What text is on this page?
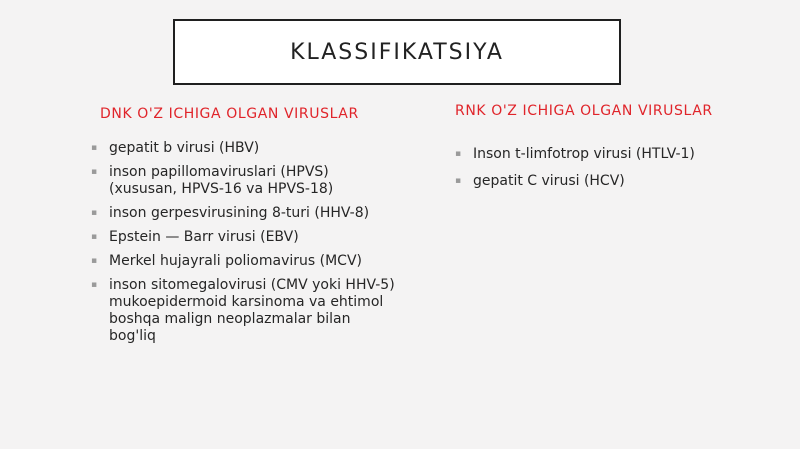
KLASSIFIKATSIYA
DNK O'Z ICHIGA OLGAN VIRUSLAR	RNK O'Z ICHIGA OLGAN VIRUSLAR
▪ gepatit b virusi (HBV)
▪ inson papillomaviruslari (HPVS) (xususan, HPVS-16 va HPVS-18)
▪ inson gerpesvirusining 8-turi (HHV-8)
▪ Epstein — Barr virusi (EBV)
▪ Merkel hujayrali poliomavirus (MCV)
▪ inson sitomegalovirusi (CMV yoki HHV-5) mukoepidermoid karsinoma va ehtimol boshqa malign neoplazmalar bilan bog'liq
▪ Inson t-limfotrop virusi (HTLV-1)
▪ gepatit C virusi (HCV)
